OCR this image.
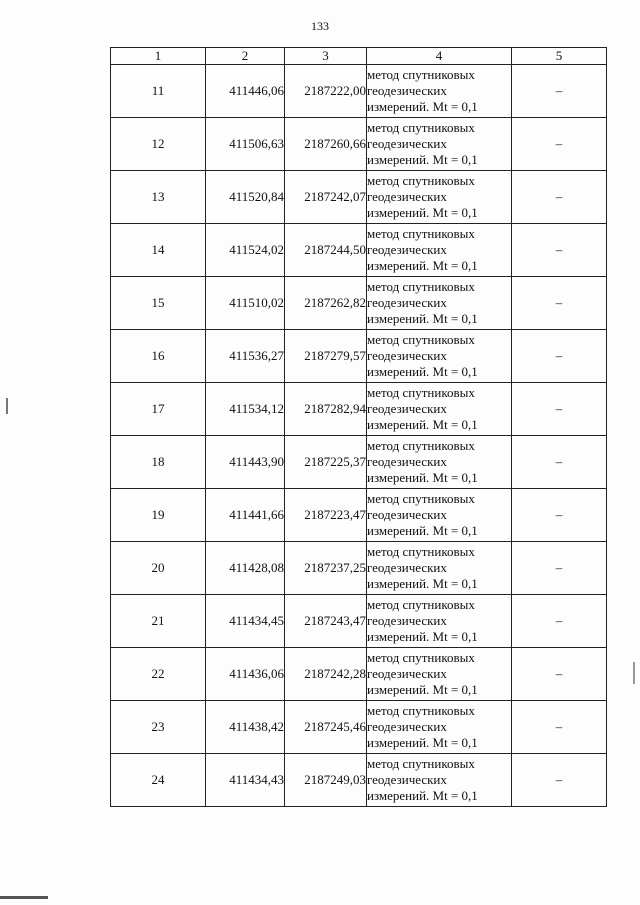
133
1	2	3	4	5
11	411446,06	2187222,00	метод спутниковых
геодезических
измерений. Mt = 0,1	–
12	411506,63	2187260,66	метод спутниковых
геодезических
измерений. Mt = 0,1	–
13	411520,84	2187242,07	метод спутниковых
геодезических
измерений. Mt = 0,1	–
14	411524,02	2187244,50	метод спутниковых
геодезических
измерений. Mt = 0,1	–
15	411510,02	2187262,82	метод спутниковых
геодезических
измерений. Mt = 0,1	–
16	411536,27	2187279,57	метод спутниковых
геодезических
измерений. Mt = 0,1	–
17	411534,12	2187282,94	метод спутниковых
геодезических
измерений. Mt = 0,1	–
18	411443,90	2187225,37	метод спутниковых
геодезических
измерений. Mt = 0,1	–
19	411441,66	2187223,47	метод спутниковых
геодезических
измерений. Mt = 0,1	–
20	411428,08	2187237,25	метод спутниковых
геодезических
измерений. Mt = 0,1	–
21	411434,45	2187243,47	метод спутниковых
геодезических
измерений. Mt = 0,1	–
22	411436,06	2187242,28	метод спутниковых
геодезических
измерений. Mt = 0,1	–
23	411438,42	2187245,46	метод спутниковых
геодезических
измерений. Mt = 0,1	–
24	411434,43	2187249,03	метод спутниковых
геодезических
измерений. Mt = 0,1	–
